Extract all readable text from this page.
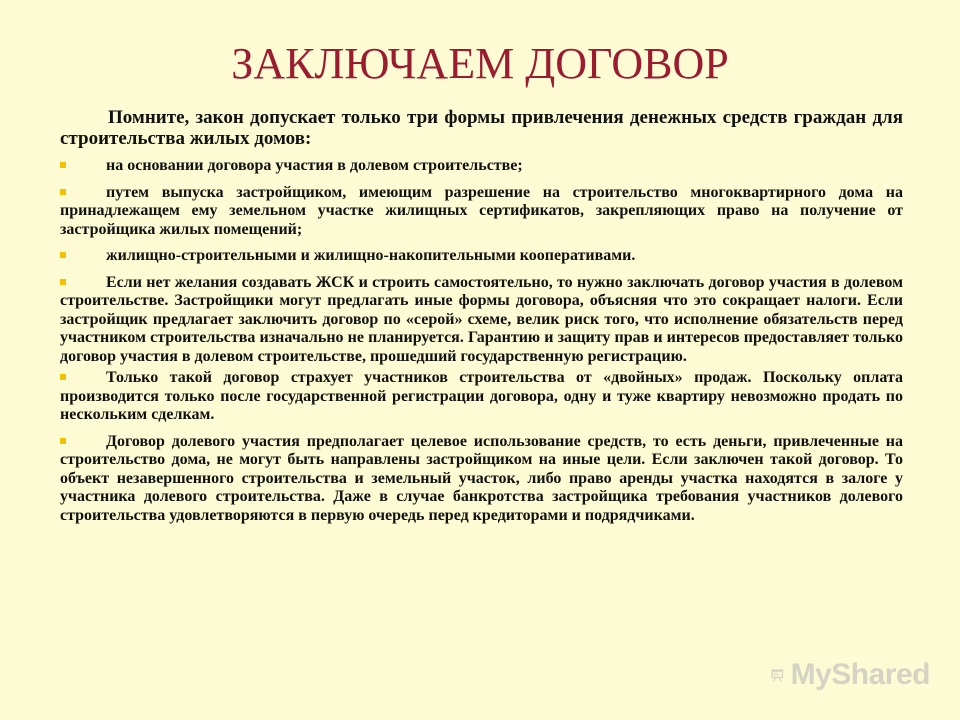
ЗАКЛЮЧАЕМ ДОГОВОР

Помните, закон допускает только три формы привлечения денежных средств граждан для строительства жилых домов:

на основании договора участия в долевом строительстве;
путем выпуска застройщиком, имеющим разрешение на строительство многоквартирного дома на принадлежащем ему земельном участке жилищных сертификатов, закрепляющих право на получение от застройщика жилых помещений;
жилищно-строительными и жилищно-накопительными кооперативами.
Если нет желания создавать ЖСК и строить самостоятельно, то нужно заключать договор участия в долевом строительстве. Застройщики могут предлагать иные формы договора, объясняя что это сокращает налоги. Если застройщик предлагает заключить договор по «серой» схеме, велик риск того, что исполнение обязательств перед участником строительства изначально не планируется. Гарантию и защиту прав и интересов предоставляет только договор участия в долевом строительстве, прошедший государственную регистрацию.
Только такой договор страхует участников строительства от «двойных» продаж. Поскольку оплата производится только после государственной регистрации договора, одну и туже квартиру невозможно продать по нескольким сделкам.
Договор долевого участия предполагает целевое использование средств, то есть деньги, привлеченные на строительство дома, не могут быть направлены застройщиком на иные цели. Если заключен такой договор. То объект незавершенного строительства и земельный участок, либо право аренды участка находятся в залоге у участника долевого строительства. Даже в случае банкротства застройщика требования участников долевого строительства удовлетворяются в первую очередь перед кредиторами и подрядчиками.
MyShared
